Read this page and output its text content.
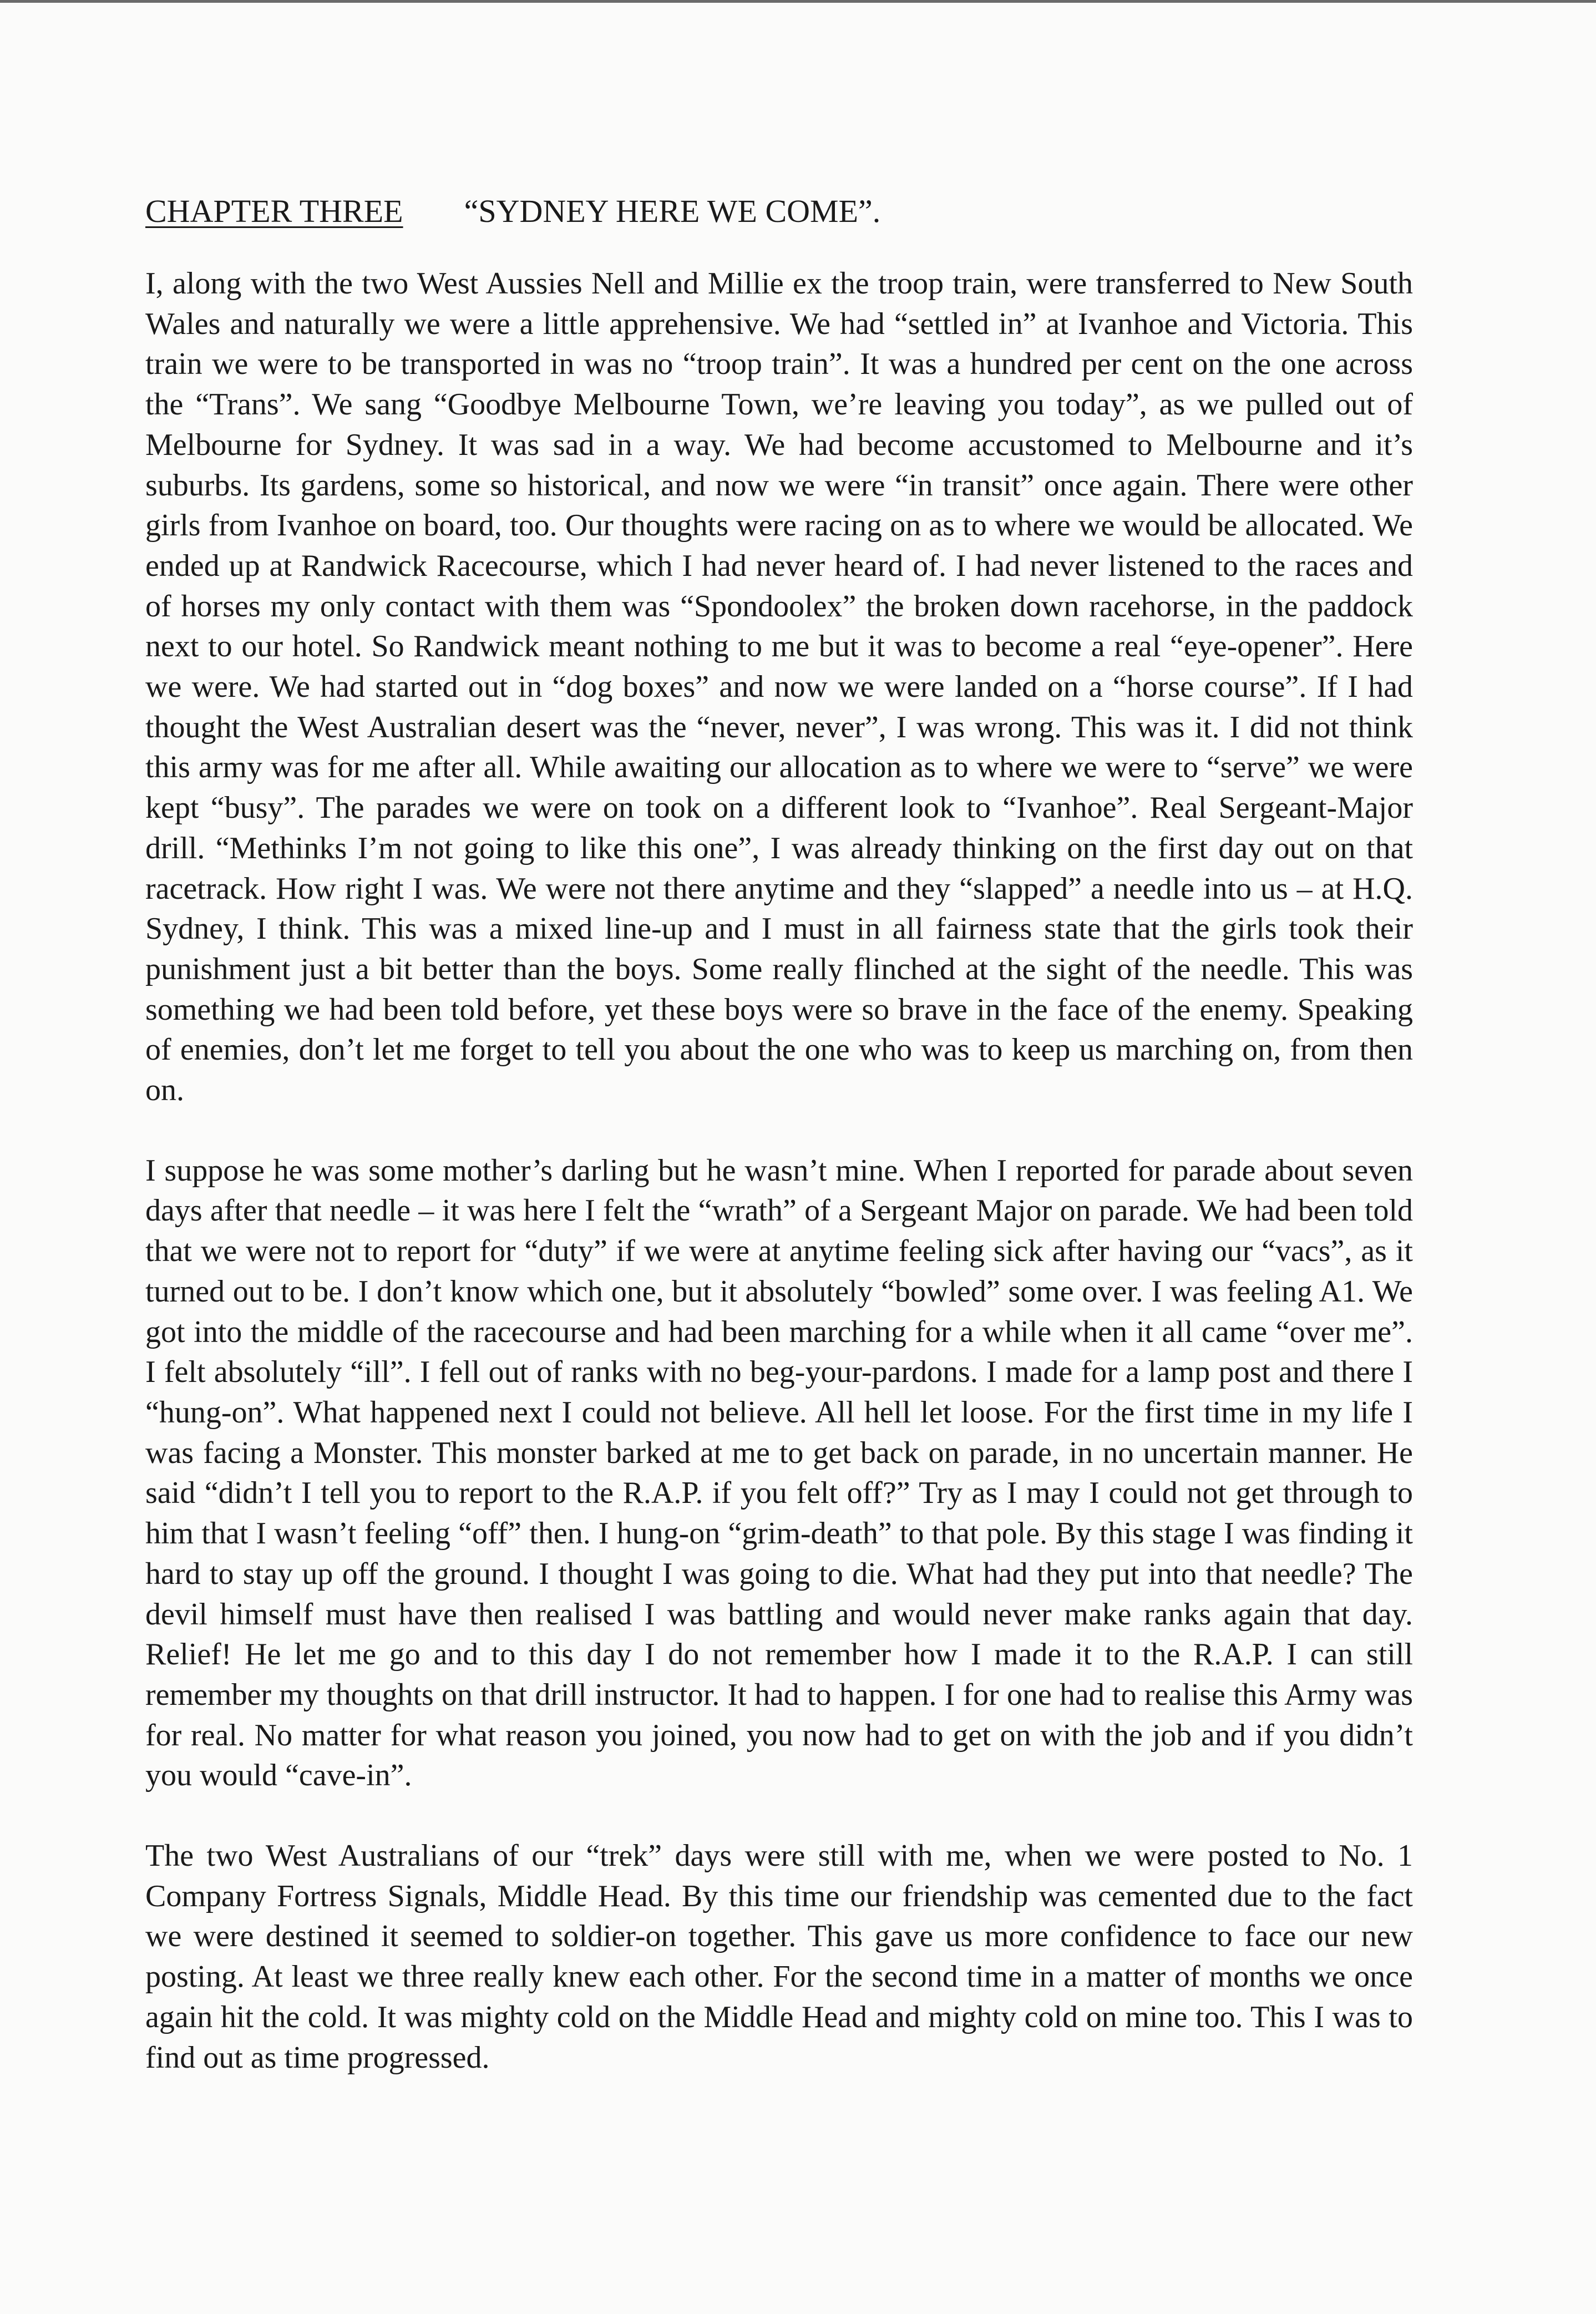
CHAPTER THREE “SYDNEY HERE WE COME”.

I, along with the two West Aussies Nell and Millie ex the troop train, were transferred to New South Wales and naturally we were a little apprehensive. We had “settled in” at Ivanhoe and Victoria. This train we were to be transported in was no “troop train”. It was a hundred per cent on the one across the “Trans”. We sang “Goodbye Melbourne Town, we’re leaving you today”, as we pulled out of Melbourne for Sydney. It was sad in a way. We had become accustomed to Melbourne and it’s suburbs. Its gardens, some so historical, and now we were “in transit” once again. There were other girls from Ivanhoe on board, too. Our thoughts were racing on as to where we would be allocated. We ended up at Randwick Racecourse, which I had never heard of. I had never listened to the races and of horses my only contact with them was “Spondoolex” the broken down racehorse, in the paddock next to our hotel. So Randwick meant nothing to me but it was to become a real “eye-opener”. Here we were. We had started out in “dog boxes” and now we were landed on a “horse course”. If I had thought the West Australian desert was the “never, never”, I was wrong. This was it. I did not think this army was for me after all. While awaiting our allocation as to where we were to “serve” we were kept “busy”. The parades we were on took on a different look to “Ivanhoe”. Real Sergeant-Major drill. “Methinks I’m not going to like this one”, I was already thinking on the first day out on that racetrack. How right I was. We were not there anytime and they “slapped” a needle into us – at H.Q. Sydney, I think. This was a mixed line-up and I must in all fairness state that the girls took their punishment just a bit better than the boys. Some really flinched at the sight of the needle. This was something we had been told before, yet these boys were so brave in the face of the enemy. Speaking of enemies, don’t let me forget to tell you about the one who was to keep us marching on, from then on.

I suppose he was some mother’s darling but he wasn’t mine. When I reported for parade about seven days after that needle – it was here I felt the “wrath” of a Sergeant Major on parade. We had been told that we were not to report for “duty” if we were at anytime feeling sick after having our “vacs”, as it turned out to be. I don’t know which one, but it absolutely “bowled” some over. I was feeling A1. We got into the middle of the racecourse and had been marching for a while when it all came “over me”. I felt absolutely “ill”. I fell out of ranks with no beg-your-pardons. I made for a lamp post and there I “hung-on”. What happened next I could not believe. All hell let loose. For the first time in my life I was facing a Monster. This monster barked at me to get back on parade, in no uncertain manner. He said “didn’t I tell you to report to the R.A.P. if you felt off?” Try as I may I could not get through to him that I wasn’t feeling “off” then. I hung-on “grim-death” to that pole. By this stage I was finding it hard to stay up off the ground. I thought I was going to die. What had they put into that needle? The devil himself must have then realised I was battling and would never make ranks again that day. Relief! He let me go and to this day I do not remember how I made it to the R.A.P. I can still remember my thoughts on that drill instructor. It had to happen. I for one had to realise this Army was for real. No matter for what reason you joined, you now had to get on with the job and if you didn’t you would “cave-in”.

The two West Australians of our “trek” days were still with me, when we were posted to No. 1 Company Fortress Signals, Middle Head. By this time our friendship was cemented due to the fact we were destined it seemed to soldier-on together. This gave us more confidence to face our new posting. At least we three really knew each other. For the second time in a matter of months we once again hit the cold. It was mighty cold on the Middle Head and mighty cold on mine too. This I was to find out as time progressed.
